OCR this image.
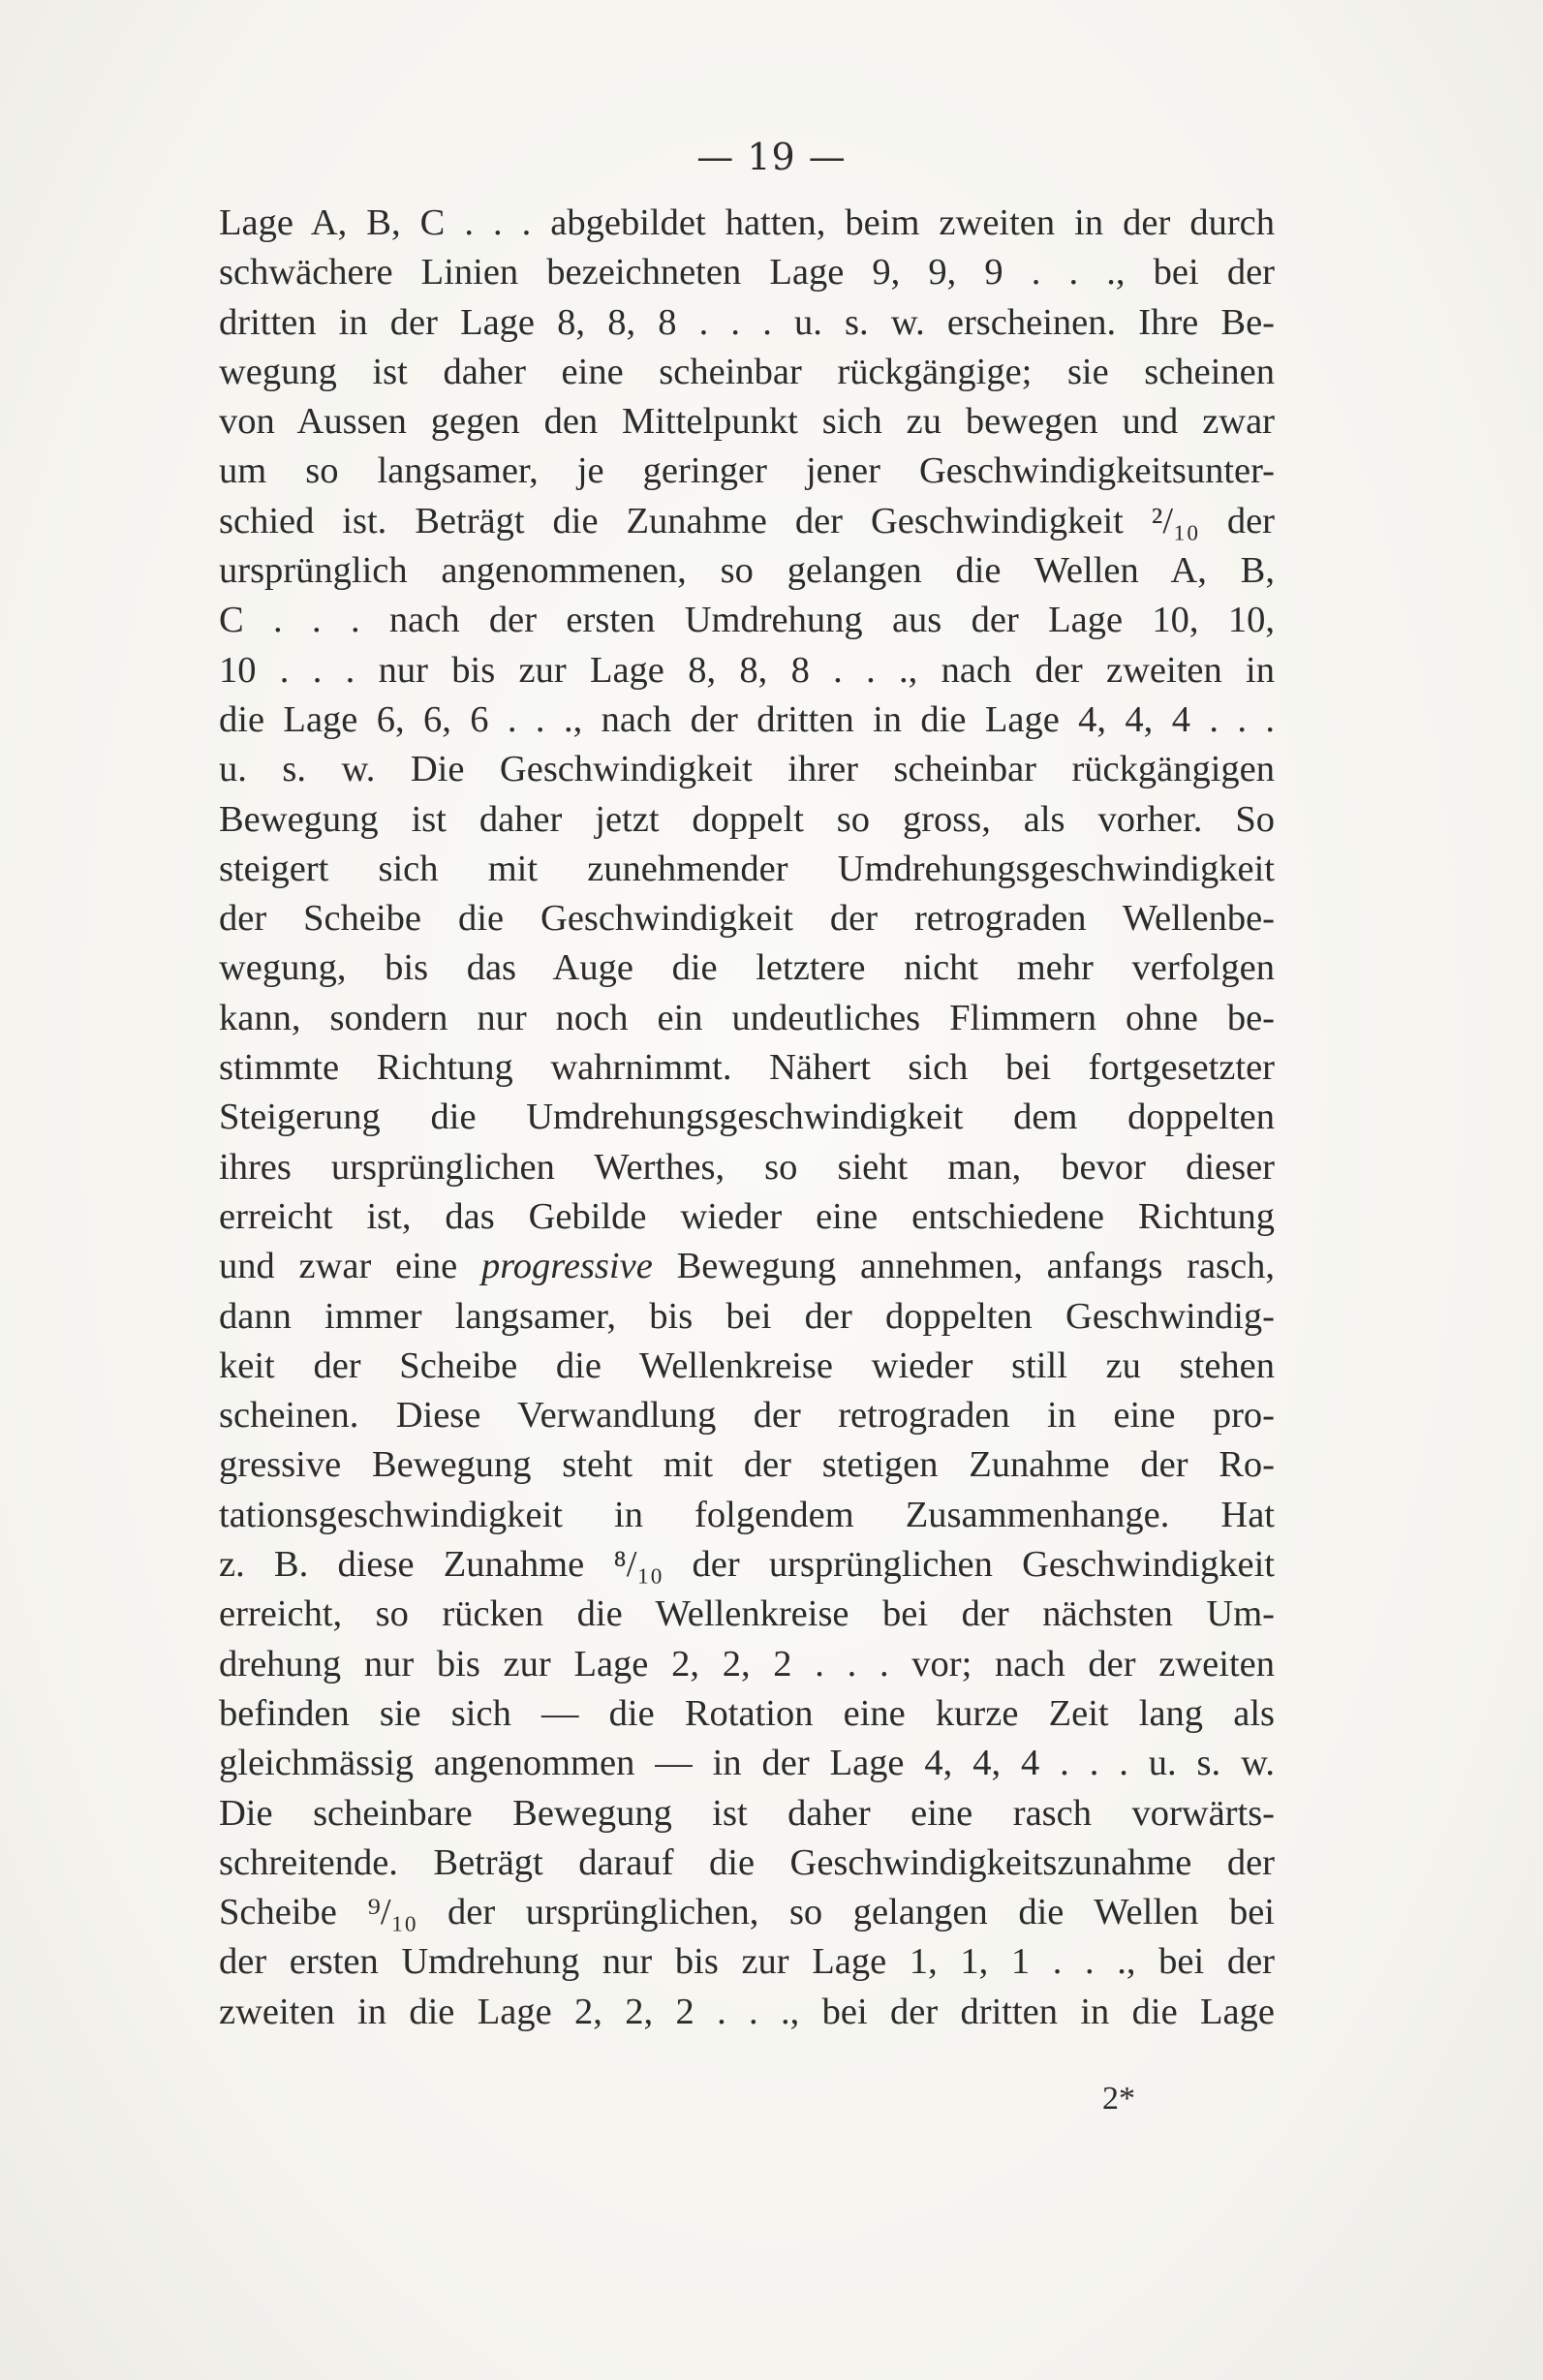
— 19 —
Lage A, B, C . . . abgebildet hatten, beim zweiten in der durch
schwächere Linien bezeichneten Lage 9, 9, 9 . . ., bei der
dritten in der Lage 8, 8, 8 . . . u. s. w. erscheinen. Ihre Be-
wegung ist daher eine scheinbar rückgängige; sie scheinen
von Aussen gegen den Mittelpunkt sich zu bewegen und zwar
um so langsamer, je geringer jener Geschwindigkeitsunter-
schied ist. Beträgt die Zunahme der Geschwindigkeit ²/₁₀ der
ursprünglich angenommenen, so gelangen die Wellen A, B,
C . . . nach der ersten Umdrehung aus der Lage 10, 10,
10 . . . nur bis zur Lage 8, 8, 8 . . ., nach der zweiten in
die Lage 6, 6, 6 . . ., nach der dritten in die Lage 4, 4, 4 . . .
u. s. w. Die Geschwindigkeit ihrer scheinbar rückgängigen
Bewegung ist daher jetzt doppelt so gross, als vorher. So
steigert sich mit zunehmender Umdrehungsgeschwindigkeit
der Scheibe die Geschwindigkeit der retrograden Wellenbe-
wegung, bis das Auge die letztere nicht mehr verfolgen
kann, sondern nur noch ein undeutliches Flimmern ohne be-
stimmte Richtung wahrnimmt. Nähert sich bei fortgesetzter
Steigerung die Umdrehungsgeschwindigkeit dem doppelten
ihres ursprünglichen Werthes, so sieht man, bevor dieser
erreicht ist, das Gebilde wieder eine entschiedene Richtung
und zwar eine progressive Bewegung annehmen, anfangs rasch,
dann immer langsamer, bis bei der doppelten Geschwindig-
keit der Scheibe die Wellenkreise wieder still zu stehen
scheinen. Diese Verwandlung der retrograden in eine pro-
gressive Bewegung steht mit der stetigen Zunahme der Ro-
tationsgeschwindigkeit in folgendem Zusammenhange. Hat
z. B. diese Zunahme ⁸/₁₀ der ursprünglichen Geschwindigkeit
erreicht, so rücken die Wellenkreise bei der nächsten Um-
drehung nur bis zur Lage 2, 2, 2 . . . vor; nach der zweiten
befinden sie sich — die Rotation eine kurze Zeit lang als
gleichmässig angenommen — in der Lage 4, 4, 4 . . . u. s. w.
Die scheinbare Bewegung ist daher eine rasch vorwärts-
schreitende. Beträgt darauf die Geschwindigkeitszunahme der
Scheibe ⁹/₁₀ der ursprünglichen, so gelangen die Wellen bei
der ersten Umdrehung nur bis zur Lage 1, 1, 1 . . ., bei der
zweiten in die Lage 2, 2, 2 . . ., bei der dritten in die Lage
2*
